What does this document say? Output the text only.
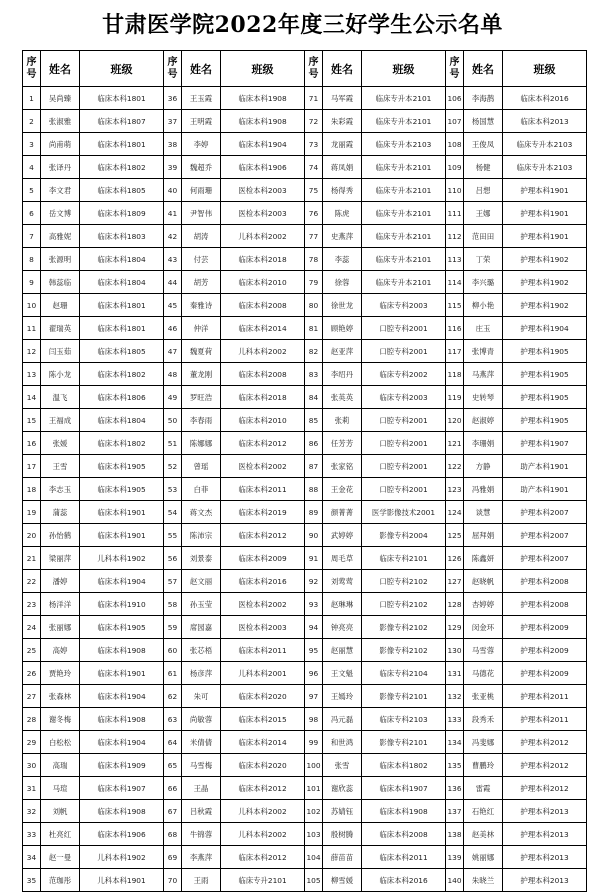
甘肃医学院2022年度三好学生公示名单
序号	姓名	班级	序号	姓名	班级	序号	姓名	班级	序号	姓名	班级
1	吴尚臻	临床本科1801	36	王玉霞	临床本科1908	71	马军霞	临床专升本2101	106	李海鹊	临床本科2016
2	张淑雅	临床本科1807	37	王明霞	临床本科1908	72	朱彩霞	临床专升本2101	107	杨国慧	临床本科2013
3	尚甫萌	临床本科1801	38	李婷	临床本科1904	73	龙丽霞	临床专升本2103	108	王俊凤	临床专升本2103
4	张译丹	临床本科1802	39	魏超乔	临床本科1906	74	蒋凤娟	临床专升本2101	109	杨健	临床专升本2103
5	李文君	临床本科1805	40	何雨珊	医检本科2003	75	杨得秀	临床专升本2101	110	吕想	护理本科1901
6	岳文博	临床本科1809	41	尹智伟	医检本科2003	76	陈虎	临床专升本2101	111	王娜	护理本科1901
7	高雅妮	临床本科1803	42	胡涛	儿科本科2002	77	史燕萍	临床专升本2101	112	范田田	护理本科1901
8	张源明	临床本科1804	43	付芸	临床本科2018	78	李蕊	临床专升本2101	113	丁荣	护理本科1902
9	韩蕊临	临床本科1804	44	胡芳	临床本科2010	79	徐蓉	临床专升本2101	114	李兴璐	护理本科1902
10	赵珊	临床本科1801	45	秦雅诗	临床本科2008	80	徐世龙	临床专科2003	115	柳小艳	护理本科1902
11	翟瑞英	临床本科1801	46	仲洋	临床本科2014	81	顾艳婷	口腔专科2001	116	庄玉	护理本科1904
12	闫玉茹	临床本科1805	47	魏夏荷	儿科本科2002	82	赵亚萍	口腔专科2001	117	张博青	护理本科1905
13	陈小龙	临床本科1802	48	董龙刚	临床本科2008	83	李绍丹	临床专科2002	118	马燕萍	护理本科1905
14	温飞	临床本科1806	49	罗旺浩	临床本科2018	84	张英英	临床专科2003	119	史转琴	护理本科1905
15	王福成	临床本科1804	50	李春雨	临床本科2010	85	张莉	口腔专科2001	120	赵淑婷	护理本科1905
16	张媛	临床本科1802	51	陈娜娜	临床本科2012	86	任芳芳	口腔专科2001	121	李珊娟	护理本科1907
17	王雪	临床本科1905	52	曾瑶	医检本科2002	87	张家铭	口腔专科2001	122	方静	助产本科1901
18	李志玉	临床本科1905	53	白菲	临床本科2011	88	王金花	口腔专科2001	123	冯雅娟	助产本科1901
19	蒲蕊	临床本科1901	54	蒋文杰	临床本科2019	89	颜菁菁	医学影像技术2001	124	谈慧	护理本科2007
20	孙怡鹤	临床本科1901	55	陈沛宗	临床本科2012	90	武婷婷	影像专科2004	125	屈拜娟	护理本科2007
21	梁丽萍	儿科本科1902	56	刘景泰	临床本科2009	91	周毛草	临床专科2101	126	陈鑫妍	护理本科2007
22	潘婷	临床本科1904	57	赵文丽	临床本科2016	92	刘莺莺	口腔专科2102	127	赵晓帆	护理本科2008
23	杨洋洋	临床本科1910	58	孙玉莹	医检本科2002	93	赵琳琳	口腔专科2102	128	杏婷婷	护理本科2008
24	张丽娜	临床本科1905	59	席园嘉	医检本科2003	94	钟亮亮	影像专科2102	129	闵金环	护理本科2009
25	高婷	临床本科1908	60	张芯梧	临床本科2011	95	赵丽慧	影像专科2102	130	马雪蓉	护理本科2009
26	贾艳玲	临床本科1901	61	杨彦萍	儿科本科2001	96	王文魁	临床专科2104	131	马德花	护理本科2009
27	张森林	临床本科1904	62	朱可	临床本科2020	97	王嫣玲	影像专科2101	132	张亚桃	护理本科2011
28	谢冬梅	临床本科1908	63	尚敏蓉	临床本科2015	98	冯元磊	临床专科2103	133	段秀禾	护理本科2011
29	白松松	临床本科1904	64	米倩倩	临床本科2014	99	和世鸿	影像专科2101	134	冯斐娜	护理本科2012
30	高瑞	临床本科1909	65	马雪梅	临床本科2020	100	张雪	临床本科1802	135	曹鹏玲	护理本科2012
31	马瑄	临床本科1907	66	王晶	临床本科2012	101	谢欣蕊	临床本科1907	136	雷霞	护理本科2012
32	刘帆	临床本科1908	67	吕秋霞	儿科本科2002	102	苏婧钰	临床本科1908	137	石艳红	护理本科2013
33	杜亮红	临床本科1906	68	牛锦蓉	儿科本科2002	103	殷树腾	临床本科2008	138	赵美林	护理本科2013
34	赵一曼	儿科本科1902	69	李燕萍	临床本科2012	104	薛苗苗	临床本科2011	139	姚丽娜	护理本科2013
35	范珈彤	儿科本科1901	70	王雨	临床专升2101	105	柳雪媛	临床本科2016	140	朱晓兰	护理本科2013
